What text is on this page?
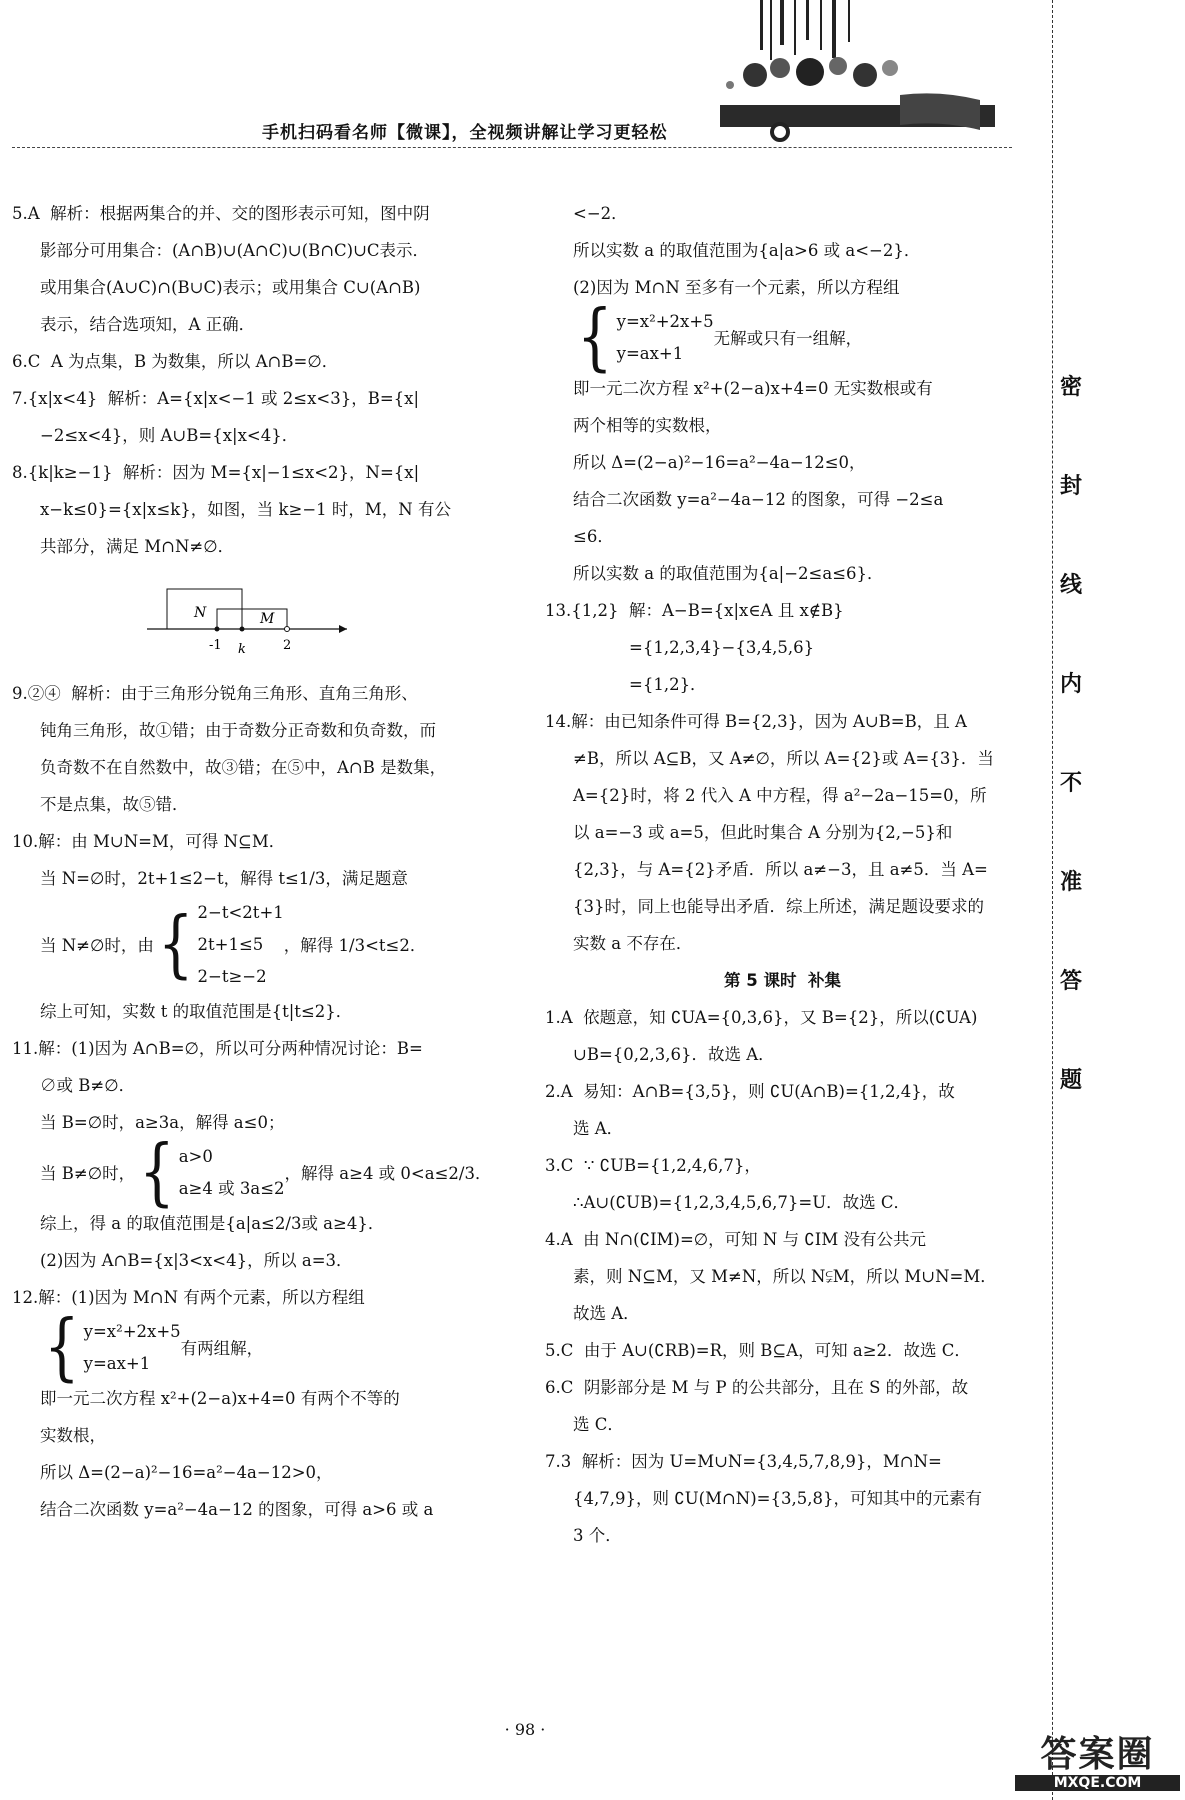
手机扫码看名师【微课】，全视频讲解让学习更轻松
密
封
线
内
不
准
答
题

5.A  解析：根据两集合的并、交的图形表示可知，图中阴

影部分可用集合：(A∩B)∪(A∩C)∪(B∩C)∪C表示．

或用集合(A∪C)∩(B∪C)表示；或用集合 C∪(A∩B)

表示，结合选项知，A 正确．

6.C  A 为点集，B 为数集，所以 A∩B=∅．

7.{x|x<4}  解析：A={x|x<−1 或 2≤x<3}，B={x|

−2≤x<4}，则 A∪B={x|x<4}．

8.{k|k≥−1}  解析：因为 M={x|−1≤x<2}，N={x|

x−k≤0}={x|x≤k}，如图，当 k≥−1 时，M，N 有公

共部分，满足 M∩N≠∅．

N	M
-1 k	2

9.②④  解析：由于三角形分锐角三角形、直角三角形、

钝角三角形，故①错；由于奇数分正奇数和负奇数，而

负奇数不在自然数中，故③错；在⑤中，A∩B 是数集，

不是点集，故⑤错．

10.解：由 M∪N=M，可得 N⊆M．

当 N=∅时，2t+1≤2−t，解得 t≤1/3，满足题意

当 N≠∅时，由 { 2−t<2t+1

2t+1≤5

2−t≥−2

，解得 1/3<t≤2．

综上可知，实数 t 的取值范围是{t|t≤2}．

11.解：(1)因为 A∩B=∅，所以可分两种情况讨论：B=

∅或 B≠∅．

当 B=∅时，a≥3a，解得 a≤0；

当 B≠∅时， { a>0

a≥4 或 3a≤2

，解得 a≥4 或 0<a≤2/3．

综上，得 a 的取值范围是{a|a≤2/3或 a≥4}．

(2)因为 A∩B={x|3<x<4}，所以 a=3．

12.解：(1)因为 M∩N 有两个元素，所以方程组

{ y=x²+2x+5

y=ax+1

有两组解，

即一元二次方程 x²+(2−a)x+4=0 有两个不等的

实数根，

所以 Δ=(2−a)²−16=a²−4a−12>0，

结合二次函数 y=a²−4a−12 的图象，可得 a>6 或 a

<−2．

所以实数 a 的取值范围为{a|a>6 或 a<−2}．

(2)因为 M∩N 至多有一个元素，所以方程组

{ y=x²+2x+5

y=ax+1

无解或只有一组解，

即一元二次方程 x²+(2−a)x+4=0 无实数根或有

两个相等的实数根，

所以 Δ=(2−a)²−16=a²−4a−12≤0，

结合二次函数 y=a²−4a−12 的图象，可得 −2≤a

≤6．

所以实数 a 的取值范围为{a|−2≤a≤6}．

13.{1,2}  解：A−B={x|x∈A 且 x∉B}

={1,2,3,4}−{3,4,5,6}

={1,2}．

14.解：由已知条件可得 B={2,3}，因为 A∪B=B，且 A

≠B，所以 A⊆B，又 A≠∅，所以 A={2}或 A={3}．当

A={2}时，将 2 代入 A 中方程，得 a²−2a−15=0，所

以 a=−3 或 a=5，但此时集合 A 分别为{2,−5}和

{2,3}，与 A={2}矛盾．所以 a≠−3，且 a≠5．当 A=

{3}时，同上也能导出矛盾．综上所述，满足题设要求的

实数 a 不存在．

第 5 课时  补集

1.A  依题意，知 ∁UA={0,3,6}，又 B={2}，所以(∁UA)

∪B={0,2,3,6}．故选 A．

2.A  易知：A∩B={3,5}，则 ∁U(A∩B)={1,2,4}，故

选 A．

3.C  ∵ ∁UB={1,2,4,6,7}，

∴A∪(∁UB)={1,2,3,4,5,6,7}=U．故选 C．

4.A  由 N∩(∁IM)=∅，可知 N 与 ∁IM 没有公共元

素，则 N⊆M，又 M≠N，所以 N⫋M，所以 M∪N=M．

故选 A．

5.C  由于 A∪(∁RB)=R，则 B⊆A，可知 a≥2．故选 C．

6.C  阴影部分是 M 与 P 的公共部分，且在 S 的外部，故

选 C．

7.3  解析：因为 U=M∪N={3,4,5,7,8,9}，M∩N=

{4,7,9}，则 ∁U(M∩N)={3,5,8}，可知其中的元素有

3 个．

· 98 ·
答案圈
MXQE.COM
